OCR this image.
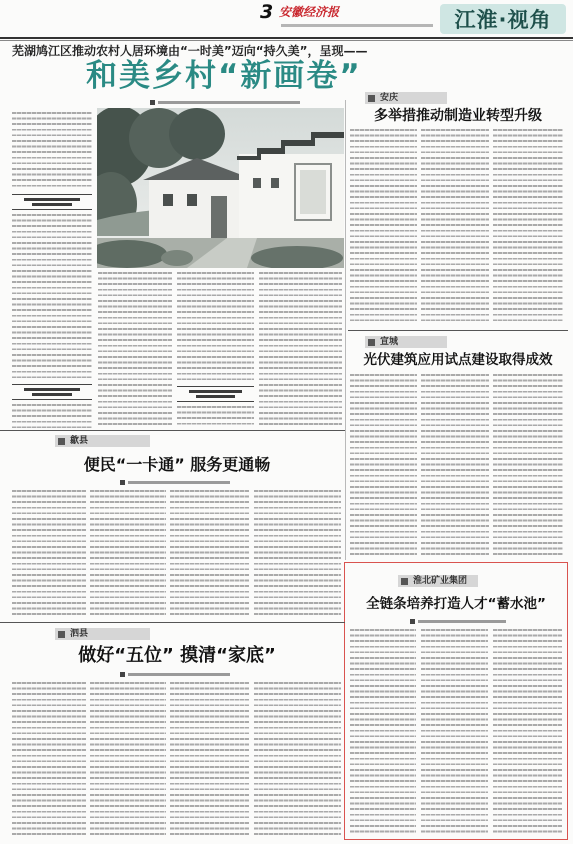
3 安徽经济报	江淮·视角
芜湖鸠江区推动农村人居环境由“一时美”迈向“持久美”，呈现——
和美乡村“新画卷”
安庆
多举措推动制造业转型升级
宣城
光伏建筑应用试点建设取得成效
淮北矿业集团
全链条培养打造人才“蓄水池”
歙县
便民“一卡通” 服务更通畅
泗县
做好“五位” 摸清“家底”
